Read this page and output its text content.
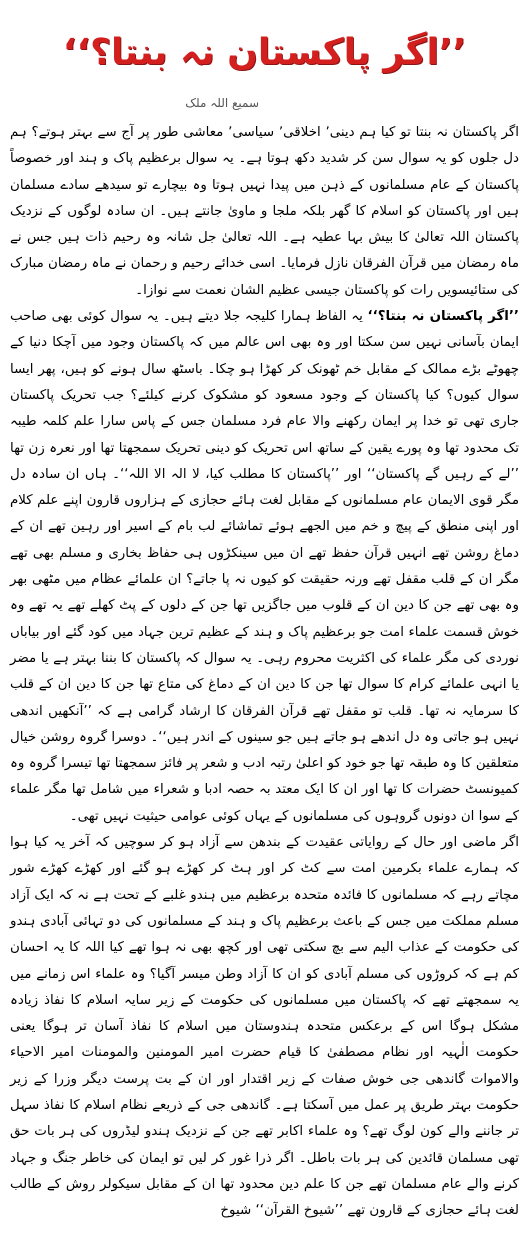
’’اگر پاکستان نہ بنتا؟‘‘
سمیع اللہ ملک

اگر پاکستان نہ بنتا تو کیا ہم دینی٬ اخلاقی٬ سیاسی٬ معاشی طور پر آج سے بہتر ہوتے؟ ہم دل جلوں کو یہ سوال سن کر شدید دکھ ہوتا ہے۔ یہ سوال برعظیم پاک و ہند اور خصوصاً پاکستان کے عام مسلمانوں کے ذہن میں پیدا نہیں ہوتا وہ بیچارے تو سیدھے سادے مسلمان ہیں اور پاکستان کو اسلام کا گھر بلکہ ملجا و ماویٰ جانتے ہیں۔ ان سادہ لوگوں کے نزدیک پاکستان اللہ تعالیٰ کا بیش بہا عطیہ ہے۔ اللہ تعالیٰ جل شانہ وہ رحیم ذات ہیں جس نے ماہ رمضان میں قرآن الفرقان نازل فرمایا۔ اسی خدائے رحیم و رحمان نے ماہ رمضان مبارک کی ستائیسویں رات کو پاکستان جیسی عظیم الشان نعمت سے نوازا۔

’’اگر پاکستان نہ بنتا؟‘‘ یہ الفاظ ہمارا کلیجہ جلا دیتے ہیں۔ یہ سوال کوئی بھی صاحب ایمان بآسانی نہیں سن سکتا اور وہ بھی اس عالم میں کہ پاکستان وجود میں آچکا دنیا کے چھوٹے بڑے ممالک کے مقابل خم ٹھونک کر کھڑا ہو چکا۔ باسٹھ سال ہونے کو ہیں، پھر ایسا سوال کیوں؟ کیا پاکستان کے وجود مسعود کو مشکوک کرنے کیلئے؟ جب تحریک پاکستان جاری تھی تو خدا پر ایمان رکھنے والا عام فرد مسلمان جس کے پاس سارا علم کلمہ طیبہ تک محدود تھا وہ پورے یقین کے ساتھ اس تحریک کو دینی تحریک سمجھتا تھا اور نعرہ زن تھا ’’لے کے رہیں گے پاکستان‘‘ اور ’’پاکستان کا مطلب کیا، لا الہ الا اللہ‘‘۔ ہاں ان سادہ دل مگر قوی الایمان عام مسلمانوں کے مقابل لغت ہائے حجازی کے ہزاروں قارون اپنے علم کلام اور اپنی منطق کے پیچ و خم میں الجھے ہوئے تماشائے لب بام کے اسیر اور رہین تھے ان کے دماغ روشن تھے انہیں قرآن حفظ تھے ان میں سینکڑوں ہی حفاظ بخاری و مسلم بھی تھے مگر ان کے قلب مقفل تھے ورنہ حقیقت کو کیوں نہ پا جاتے؟ ان علمائے عظام میں مٹھی بھر وہ بھی تھے جن کا دین ان کے قلوب میں جاگزیں تھا جن کے دلوں کے پٹ کھلے تھے یہ تھے وہ خوش قسمت علماء امت جو برعظیم پاک و ہند کے عظیم ترین جہاد میں کود گئے اور بیاباں نوردی کی مگر علماء کی اکثریت محروم رہی۔ یہ سوال کہ پاکستان کا بننا بہتر ہے یا مضر یا انہی علمائے کرام کا سوال تھا جن کا دین ان کے دماغ کی متاع تھا جن کا دین ان کے قلب کا سرمایہ نہ تھا۔ قلب تو مقفل تھے قرآن الفرقان کا ارشاد گرامی ہے کہ ’’آنکھیں اندھی نہیں ہو جاتی وہ دل اندھے ہو جاتے ہیں جو سینوں کے اندر ہیں‘‘۔ دوسرا گروہ روشن خیال متعلقین کا وہ طبقہ تھا جو خود کو اعلیٰ رتبہ ادب و شعر پر فائز سمجھتا تھا تیسرا گروہ وہ کمیونسٹ حضرات کا تھا اور ان کا ایک معتد بہ حصہ ادبا و شعراء میں شامل تھا مگر علماء کے سوا ان دونوں گروہوں کی مسلمانوں کے یہاں کوئی عوامی حیثیت نہیں تھی۔

اگر ماضی اور حال کے روایاتی عقیدت کے بندھن سے آزاد ہو کر سوچیں کہ آخر یہ کیا ہوا کہ ہمارے علماء بکرمین امت سے کٹ کر اور ہٹ کر کھڑے ہو گئے اور کھڑے کھڑے شور مچاتے رہے کہ مسلمانوں کا فائدہ متحدہ برعظیم میں ہندو غلبے کے تحت ہے نہ کہ ایک آزاد مسلم مملکت میں جس کے باعث برعظیم پاک و ہند کے مسلمانوں کی دو تہائی آبادی ہندو کی حکومت کے عذاب الیم سے بچ سکتی تھی اور کچھ بھی نہ ہوا تھے کیا اللہ کا یہ احسان کم ہے کہ کروڑوں کی مسلم آبادی کو ان کا آزاد وطن میسر آگیا؟ وہ علماء اس زمانے میں یہ سمجھتے تھے کہ پاکستان میں مسلمانوں کی حکومت کے زیر سایہ اسلام کا نفاذ زیادہ مشکل ہوگا اس کے برعکس متحدہ ہندوستان میں اسلام کا نفاذ آسان تر ہوگا یعنی حکومت الٰہیہ اور نظام مصطفیٰ کا قیام حضرت امیر المومنین والمومنات امیر الاحیاء والاموات گاندھی جی خوش صفات کے زیر اقتدار اور ان کے بت پرست دیگر وزرا کے زیر حکومت بہتر طریق پر عمل میں آسکتا ہے۔ گاندھی جی کے ذریعے نظام اسلام کا نفاذ سہل تر جاننے والے کون لوگ تھے؟ وہ علماء اکابر تھے جن کے نزدیک ہندو لیڈروں کی ہر بات حق تھی مسلمان قائدین کی ہر بات باطل۔ اگر ذرا غور کر لیں تو ایمان کی خاطر جنگ و جہاد کرنے والے عام مسلمان تھے جن کا علم دین محدود تھا ان کے مقابل سیکولر روش کے طالب لغت ہائے حجازی کے قارون تھے ’’شیوخ القرآن‘‘ شیوخ
